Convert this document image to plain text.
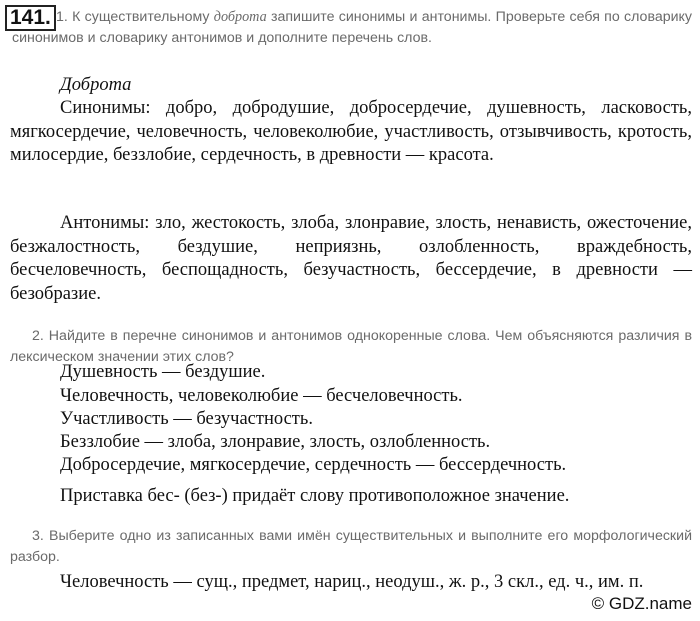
141. 1. К существительному доброта запишите синонимы и антонимы. Проверьте себя по словарику синонимов и словарику антонимов и дополните перечень слов.
Доброта
Синонимы: добро, добродушие, добросердечие, душевность, ласковость, мягкосердечие, человечность, человеколюбие, участливость, отзывчивость, кротость, милосердие, беззлобие, сердечность, в древности — красота.
Антонимы: зло, жестокость, злоба, злонравие, злость, ненависть, ожесточение, безжалостность, бездушие, неприязнь, озлобленность, враждебность, бесчеловечность, беспощадность, безучастность, бессердечие, в древности — безобразие.
2. Найдите в перечне синонимов и антонимов однокоренные слова. Чем объясняются различия в лексическом значении этих слов?
Душевность — бездушие.
Человечность, человеколюбие — бесчеловечность.
Участливость — безучастность.
Беззлобие — злоба, злонравие, злость, озлобленность.
Добросердечие, мягкосердечие, сердечность — бессердечность.
Приставка бес- (без-) придаёт слову противоположное значение.
3. Выберите одно из записанных вами имён существительных и выполните его морфологический разбор.
Человечность — сущ., предмет, нариц., неодуш., ж. р., 3 скл., ед. ч., им. п.
© GDZ.name
